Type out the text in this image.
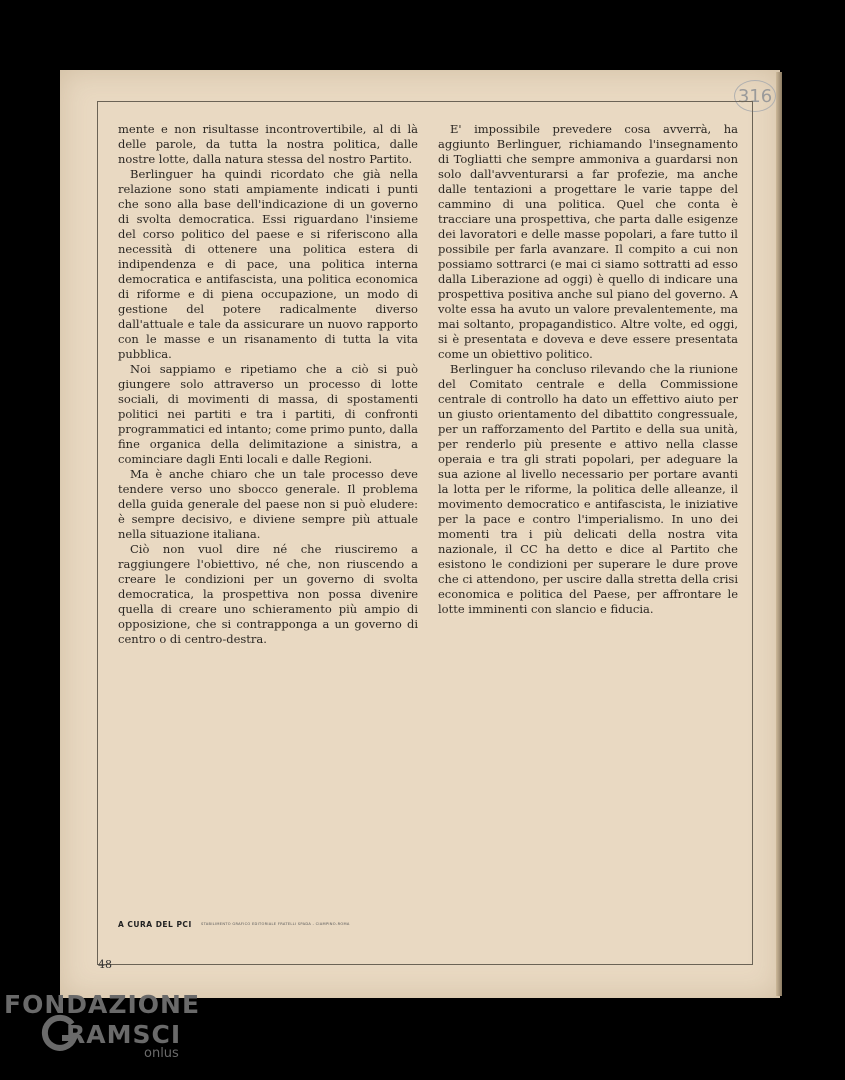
316

mente e non risultasse incontrovertibile, al di là delle parole, da tutta la nostra politica, dalle nostre lotte, dalla natura stessa del nostro Partito.

Berlinguer ha quindi ricordato che già nella relazione sono stati ampiamente indicati i punti che sono alla base dell'indicazione di un governo di svolta democratica. Essi riguardano l'insieme del corso politico del paese e si riferiscono alla necessità di ottenere una politica estera di indipendenza e di pace, una politica interna democratica e antifascista, una politica economica di riforme e di piena occupazione, un modo di gestione del potere radicalmente diverso dall'attuale e tale da assicurare un nuovo rapporto con le masse e un risanamento di tutta la vita pubblica.

Noi sappiamo e ripetiamo che a ciò si può giungere solo attraverso un processo di lotte sociali, di movimenti di massa, di spostamenti politici nei partiti e tra i partiti, di confronti programmatici ed intanto; come primo punto, dalla fine organica della delimitazione a sinistra, a cominciare dagli Enti locali e dalle Regioni.

Ma è anche chiaro che un tale processo deve tendere verso uno sbocco generale. Il problema della guida generale del paese non si può eludere: è sempre decisivo, e diviene sempre più attuale nella situazione italiana.

Ciò non vuol dire né che riusciremo a raggiungere l'obiettivo, né che, non riuscendo a creare le condizioni per un governo di svolta democratica, la prospettiva non possa divenire quella di creare uno schieramento più ampio di opposizione, che si contrapponga a un governo di centro o di centro-destra.

E' impossibile prevedere cosa avverrà, ha aggiunto Berlinguer, richiamando l'insegnamento di Togliatti che sempre ammoniva a guardarsi non solo dall'avventurarsi a far profezie, ma anche dalle tentazioni a progettare le varie tappe del cammino di una politica. Quel che conta è tracciare una prospettiva, che parta dalle esigenze dei lavoratori e delle masse popolari, a fare tutto il possibile per farla avanzare. Il compito a cui non possiamo sottrarci (e mai ci siamo sottratti ad esso dalla Liberazione ad oggi) è quello di indicare una prospettiva positiva anche sul piano del governo. A volte essa ha avuto un valore prevalentemente, ma mai soltanto, propagandistico. Altre volte, ed oggi, si è presentata e doveva e deve essere presentata come un obiettivo politico.

Berlinguer ha concluso rilevando che la riunione del Comitato centrale e della Commissione centrale di controllo ha dato un effettivo aiuto per un giusto orientamento del dibattito congressuale, per un rafforzamento del Partito e della sua unità, per renderlo più presente e attivo nella classe operaia e tra gli strati popolari, per adeguare la sua azione al livello necessario per portare avanti la lotta per le riforme, la politica delle alleanze, il movimento democratico e antifascista, le iniziative per la pace e contro l'imperialismo. In uno dei momenti tra i più delicati della nostra vita nazionale, il CC ha detto e dice al Partito che esistono le condizioni per superare le dure prove che ci attendono, per uscire dalla stretta della crisi economica e politica del Paese, per affrontare le lotte imminenti con slancio e fiducia.

A CURA DEL PCI	STABILIMENTO GRAFICO EDITORIALE FRATELLI SPADA - CIAMPINO-ROMA
48
FONDAZIONE
RAMSCI
onlus
